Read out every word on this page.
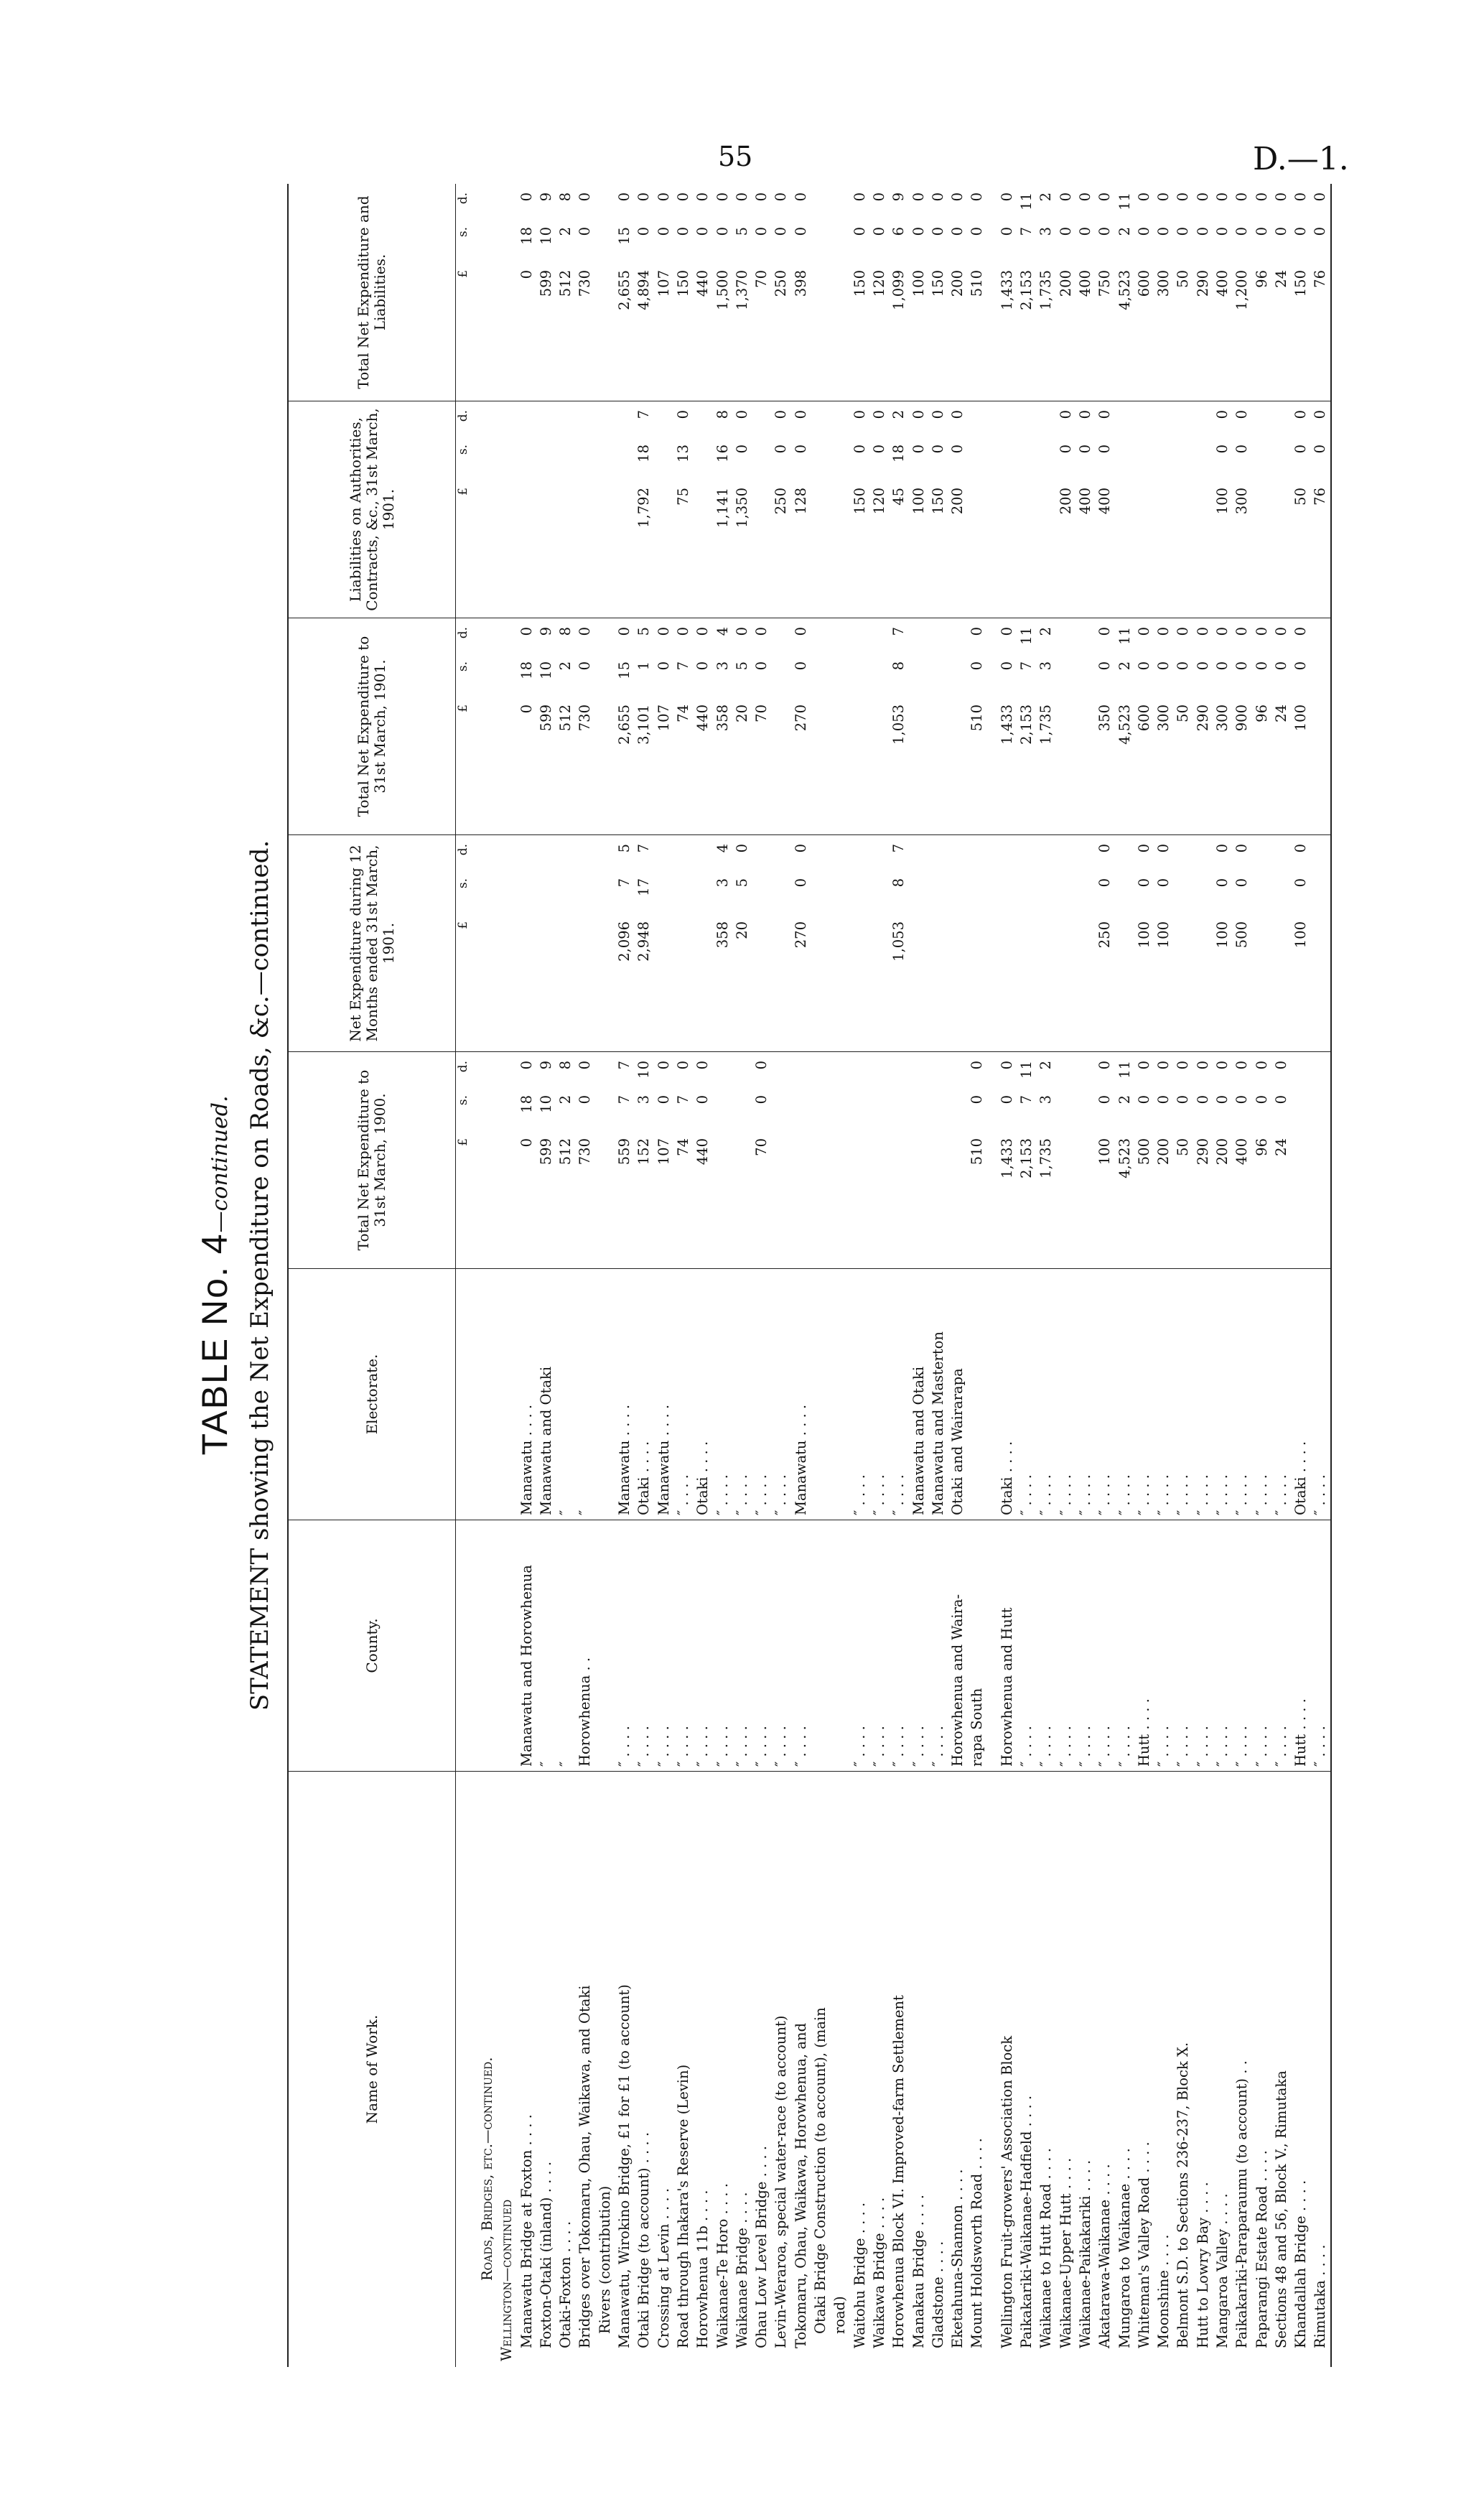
55	D.—1.
TABLE No. 4—continued. STATEMENT showing the Net Expenditure on Roads, &c.—continued.
Name of Work.
County.
Electorate.
Total Net Expenditure to 31st March, 1900.
Net Expenditure during 12 Months ended 31st March, 1901.
Total Net Expenditure to 31st March, 1901.
Liabilities on Authorities, Contracts, &c., 31st March, 1901.
Total Net Expenditure and Liabilities.
£
s.
d.
£
s.
d.
£
s.
d.
£
s.
d.
£
s.
d.
Roads, Bridges, etc.—continued. Wellington—continued Manawatu Bridge at Foxton . . . .
Manawatu and Horowhenua
Manawatu . . . .
0180
0180
0180
Foxton-Otaki (inland) . . . .
″
Manawatu and Otaki
599109
599109
599109
Otaki-Foxton . . . .
″
″
51228
51228
51228
Bridges over Tokomaru, Ohau, Waikawa, and Otaki
Horowhenua . .
″
73000
73000
73000
Rivers (contribution) Manawatu, Wirokino Bridge, £1 for £1 (to account)
″ . . . .
Manawatu . . . .
55977
2,09675
2,655150
2,655150
Otaki Bridge (to account) . . . .
″ . . . .
Otaki . . . .
152310
2,948177
3,10115
1,792187
4,89400
Crossing at Levin . . . .
″ . . . .
Manawatu . . . .
10700
10700
10700
Road through Ihakara's Reserve (Levin)
″ . . . .
″ . . . .
7470
7470
75130
15000
Horowhenua 11b . . . .
″ . . . .
Otaki . . . .
44000
44000
44000
Waikanae-Te Horo . . . .
″ . . . .
″ . . . .
35834
35834
1,141168
1,50000
Waikanae Bridge . . . .
″ . . . .
″ . . . .
2050
2050
1,35000
1,37050
Ohau Low Level Bridge . . . .
″ . . . .
″ . . . .
7000
7000
7000
Levin-Weraroa, special water-race (to account)
″ . . . .
″ . . . .
25000
25000
Tokomaru, Ohau, Waikawa, Horowhenua, and
″ . . . .
Manawatu . . . .
27000
27000
12800
39800
Otaki Bridge Construction (to account), (main road) Waitohu Bridge . . . .
″ . . . .
″ . . . .
15000
15000
Waikawa Bridge . . . .
″ . . . .
″ . . . .
12000
12000
Horowhenua Block VI. Improved-farm Settlement
″ . . . .
″ . . . .
1,05387
1,05387
45182
1,09969
Manakau Bridge . . . .
″ . . . .
Manawatu and Otaki
10000
10000
Gladstone . . . .
″ . . . .
Manawatu and Masterton
15000
15000
Eketahuna-Shannon . . . .
Horowhenua and Waira-
Otaki and Wairarapa
20000
20000
Mount Holdsworth Road . . . .
rapa South
51000
51000
51000
Wellington Fruit-growers' Association Block
Horowhenua and Hutt
Otaki . . . .
1,43300
1,43300
1,43300
Paikakariki-Waikanae-Hadfield . . . .
″ . . . .
″ . . . .
2,153711
2,153711
2,153711
Waikanae to Hutt Road . . . .
″ . . . .
″ . . . .
1,73532
1,73532
1,73532
Waikanae-Upper Hutt . . . .
″ . . . .
″ . . . .
20000
20000
Waikanae-Paikakariki . . . .
″ . . . .
″ . . . .
40000
40000
Akatarawa-Waikanae . . . .
″ . . . .
″ . . . .
10000
25000
35000
40000
75000
Mungaroa to Waikanae . . . .
″ . . . .
″ . . . .
4,523211
4,523211
4,523211
Whiteman's Valley Road . . . .
Hutt . . . .
″ . . . .
50000
10000
60000
60000
Moonshine . . . .
″ . . . .
″ . . . .
20000
10000
30000
30000
Belmont S.D. to Sections 236-237, Block X.
″ . . . .
″ . . . .
5000
5000
5000
Hutt to Lowry Bay . . . .
″ . . . .
″ . . . .
29000
29000
29000
Mangaroa Valley . . . .
″ . . . .
″ . . . .
20000
10000
30000
10000
40000
Paikakariki-Paraparaumu (to account) . .
″ . . . .
″ . . . .
40000
50000
90000
30000
1,20000
Paparangi Estate Road . . . .
″ . . . .
″ . . . .
9600
9600
9600
Sections 48 and 56, Block V., Rimutaka
″ . . . .
″ . . . .
2400
2400
2400
Khandallah Bridge . . . .
Hutt . . . .
Otaki . . . .
10000
10000
5000
15000
Rimutaka . . . .
″ . . . .
″ . . . .
7600
7600
